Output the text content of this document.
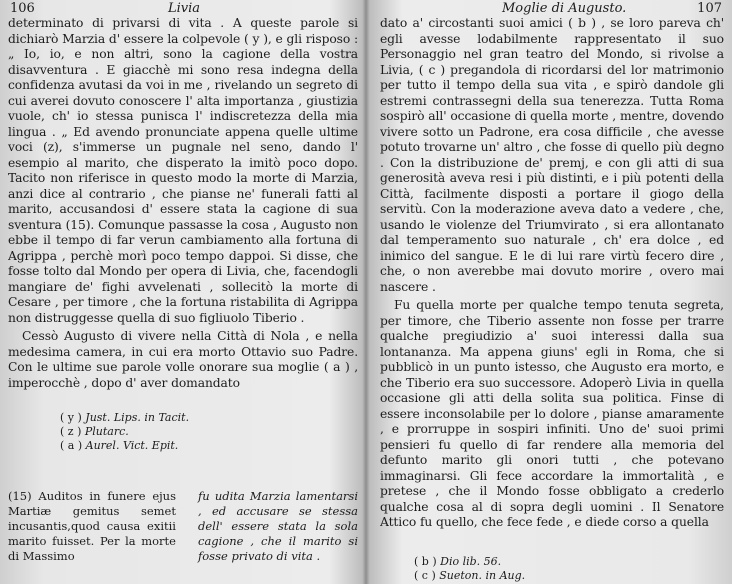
106	Livia

determinato di privarsi di vita . A queste parole si dichiarò Marzia d' essere la colpevole ( y ), e gli risposo : „ Io, io, e non altri, sono la cagione della vostra disavventura . E giacchè mi sono resa indegna della confidenza avutasi da voi in me , rivelando un segreto di cui averei dovuto conoscere l' alta importanza , giustizia vuole, ch' io stessa punisca l' indiscretezza della mia lingua . „ Ed avendo pronunciate appena quelle ultime voci (z), s'immerse un pugnale nel seno, dando l' esempio al marito, che disperato la imitò poco dopo. Tacito non riferisce in questo modo la morte di Marzia, anzi dice al contrario , che pianse ne' funerali fatti al marito, accusandosi d' essere stata la cagione di sua sventura (15). Comunque passasse la cosa , Augusto non ebbe il tempo di far verun cambiamento alla fortuna di Agrippa , perchè morì poco tempo dappoi. Si disse, che fosse tolto dal Mondo per opera di Livia, che, facendogli mangiare de' fighi avvelenati , sollecitò la morte di Cesare , per timore , che la fortuna ristabilita di Agrippa non distruggesse quella di suo figliuolo Tiberio .

Cessò Augusto di vivere nella Città di Nola , e nella medesima camera, in cui era morto Ottavio suo Padre. Con le ultime sue parole volle onorare sua moglie ( a ) , imperocchè , dopo d' aver domandato

( y ) Just. Lips. in Tacit.

( z ) Plutarc.

( a ) Aurel. Vict. Epit.

(15) Auditos in funere ejus Martiæ gemitus semet incusantis,quod causa exitii marito fuisset. Per la morte di Massimo
fu udita Marzia lamentarsi , ed accusare se stessa dell' essere stata la sola cagione , che il marito si fosse privato di vita .
Moglie di Augusto.	107

dato a' circostanti suoi amici ( b ) , se loro pareva ch' egli avesse lodabilmente rappresentato il suo Personaggio nel gran teatro del Mondo, si rivolse a Livia, ( c ) pregandola di ricordarsi del lor matrimonio per tutto il tempo della sua vita , e spirò dandole gli estremi contrassegni della sua tenerezza. Tutta Roma sospirò all' occasione di quella morte , mentre, dovendo vivere sotto un Padrone, era cosa difficile , che avesse potuto trovarne un' altro , che fosse di quello più degno . Con la distribuzione de' premj, e con gli atti di sua generosità aveva resi i più distinti, e i più potenti della Città, facilmente disposti a portare il giogo della servitù. Con la moderazione aveva dato a vedere , che, usando le violenze del Triumvirato , si era allontanato dal temperamento suo naturale , ch' era dolce , ed inimico del sangue. E le di lui rare virtù fecero dire , che, o non averebbe mai dovuto morire , overo mai nascere .

Fu quella morte per qualche tempo tenuta segreta, per timore, che Tiberio assente non fosse per trarre qualche pregiudizio a' suoi interessi dalla sua lontananza. Ma appena giuns' egli in Roma, che si pubblicò in un punto istesso, che Augusto era morto, e che Tiberio era suo successore. Adoperò Livia in quella occasione gli atti della solita sua politica. Finse di essere inconsolabile per lo dolore , pianse amaramente , e prorruppe in sospiri infiniti. Uno de' suoi primi pensieri fu quello di far rendere alla memoria del defunto marito gli onori tutti , che potevano immaginarsi. Gli fece accordare la immortalità , e pretese , che il Mondo fosse obbligato a crederlo qualche cosa al di sopra degli uomini . Il Senatore Attico fu quello, che fece fede , e diede corso a quella

( b ) Dio lib. 56.

( c ) Sueton. in Aug.
